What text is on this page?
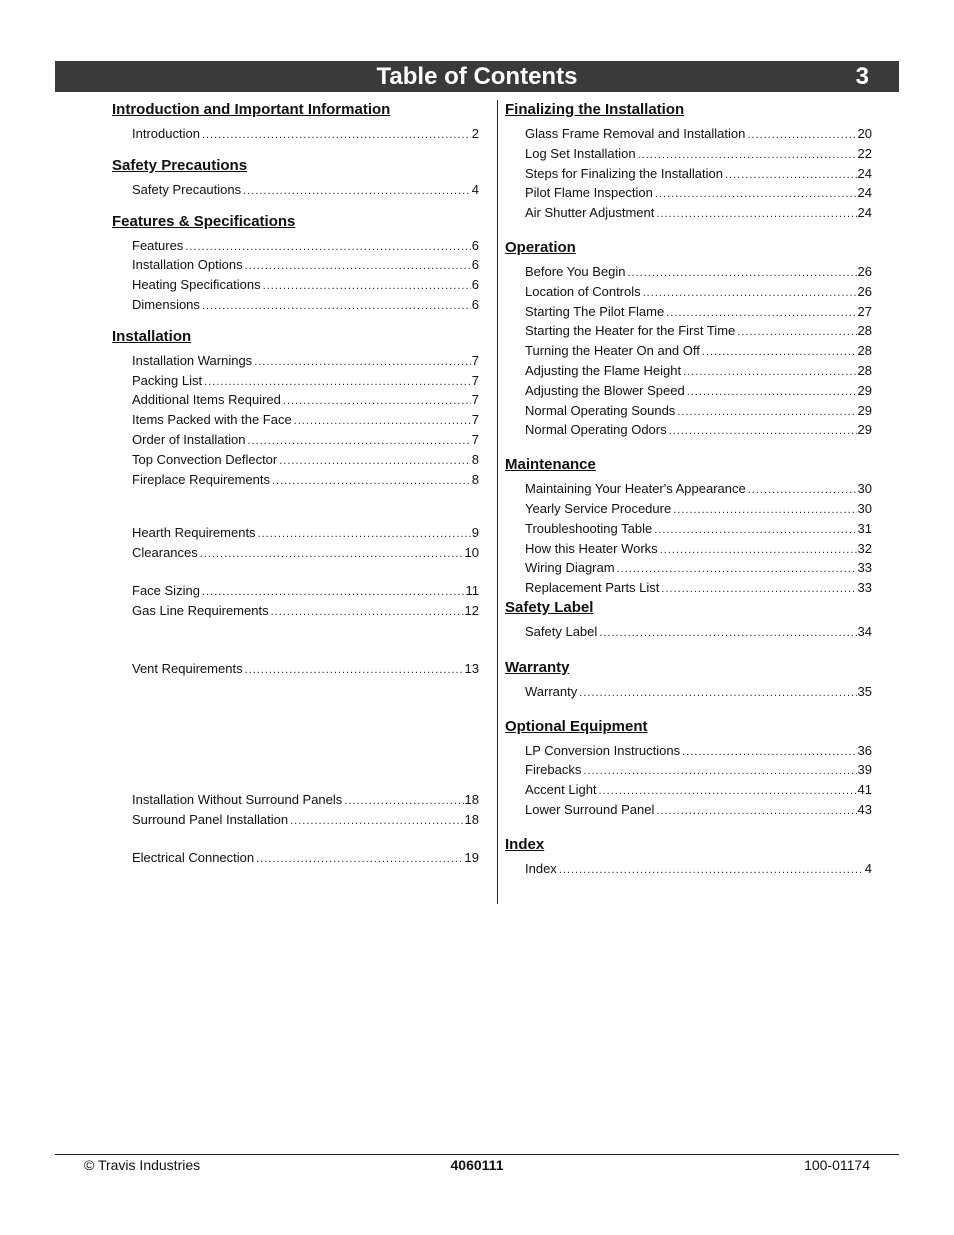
Table of Contents	3
Introduction and Important Information
Introduction .....	2
Safety Precautions
Safety Precautions .....	4
Features & Specifications
Features .....	6
Installation Options .....	6
Heating Specifications .....	6
Dimensions .....	6
Installation
Installation Warnings .....	7
Packing List .....	7
Additional Items Required .....	7
Items Packed with the Face .....	7
Order of Installation .....	7
Top Convection Deflector .....	8
Fireplace Requirements .....	8
Hearth Requirements .....	9
Clearances .....	10
Face Sizing .....	11
Gas Line Requirements .....	12
Vent Requirements .....	13
Installation Without Surround Panels .....	18
Surround Panel Installation .....	18
Electrical Connection .....	19
Finalizing the Installation
Glass Frame Removal and Installation .....	20
Log Set Installation .....	22
Steps for Finalizing the Installation .....	24
Pilot Flame Inspection .....	24
Air Shutter Adjustment .....	24
Operation
Before You Begin .....	26
Location of Controls .....	26
Starting The Pilot Flame .....	27
Starting the Heater for the First Time .....	28
Turning the Heater On and Off .....	28
Adjusting the Flame Height .....	28
Adjusting the Blower Speed .....	29
Normal Operating Sounds .....	29
Normal Operating Odors .....	29
Maintenance
Maintaining Your Heater's Appearance .....	30
Yearly Service Procedure .....	30
Troubleshooting Table .....	31
How this Heater Works .....	32
Wiring Diagram .....	33
Replacement Parts List .....	33
Safety Label
Safety Label .....	34
Warranty
Warranty .....	35
Optional Equipment
LP Conversion Instructions .....	36
Firebacks .....	39
Accent Light .....	41
Lower Surround Panel .....	43
Index
Index .....	4
© Travis Industries	4060111	100-01174
